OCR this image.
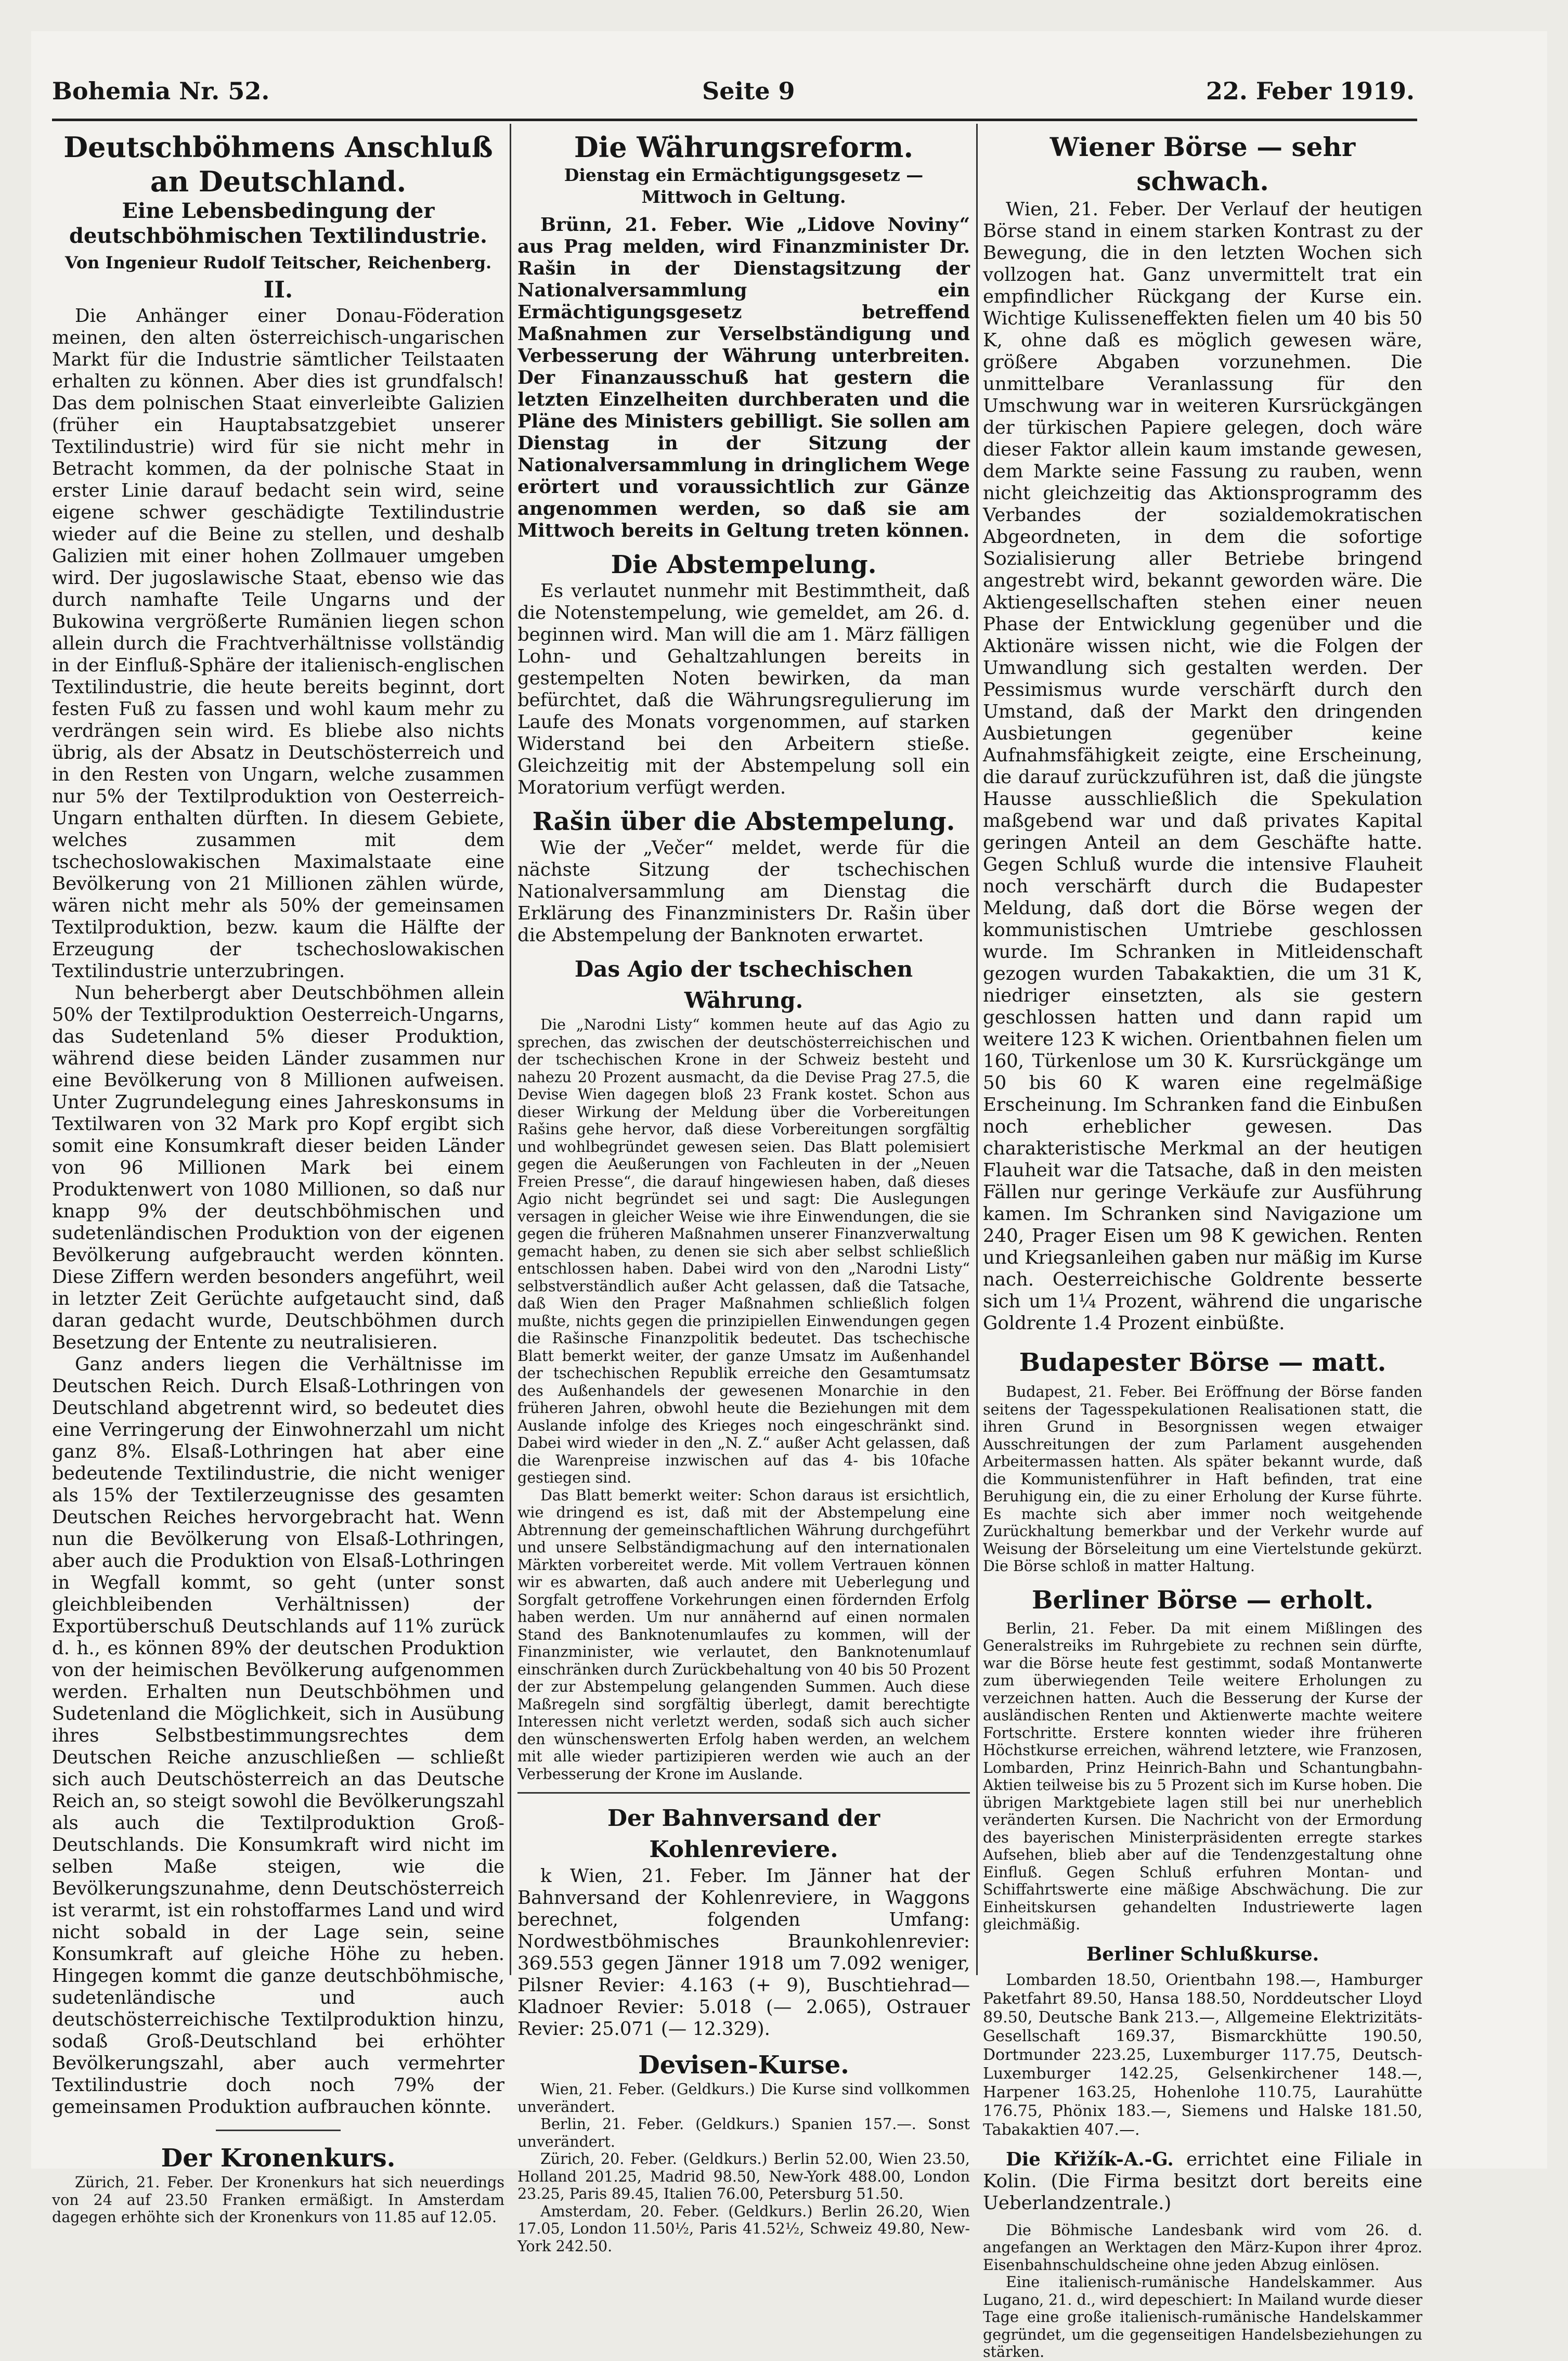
Bohemia Nr. 52.	Seite 9	22. Feber 1919.
Deutschböhmens Anschluß an Deutschland.
Eine Lebensbedingung der deutschböhmischen Textilindustrie.
Von Ingenieur Rudolf Teitscher, Reichenberg.
II.

Die Anhänger einer Donau-Föderation meinen, den alten österreichisch-ungarischen Markt für die Industrie sämtlicher Teilstaaten erhalten zu können. Aber dies ist grundfalsch! Das dem polnischen Staat einverleibte Galizien (früher ein Hauptabsatzgebiet unserer Textilindustrie) wird für sie nicht mehr in Betracht kommen, da der polnische Staat in erster Linie darauf bedacht sein wird, seine eigene schwer geschädigte Textilindustrie wieder auf die Beine zu stellen, und deshalb Galizien mit einer hohen Zollmauer umgeben wird. Der jugoslawische Staat, ebenso wie das durch namhafte Teile Ungarns und der Bukowina vergrößerte Rumänien liegen schon allein durch die Frachtverhältnisse vollständig in der Einfluß-Sphäre der italienisch-englischen Textilindustrie, die heute bereits beginnt, dort festen Fuß zu fassen und wohl kaum mehr zu verdrängen sein wird. Es bliebe also nichts übrig, als der Absatz in Deutschösterreich und in den Resten von Ungarn, welche zusammen nur 5% der Textilproduktion von Oesterreich-Ungarn enthalten dürften. In diesem Gebiete, welches zusammen mit dem tschechoslowakischen Maximalstaate eine Bevölkerung von 21 Millionen zählen würde, wären nicht mehr als 50% der gemeinsamen Textilproduktion, bezw. kaum die Hälfte der Erzeugung der tschechoslowakischen Textilindustrie unterzubringen.

Nun beherbergt aber Deutschböhmen allein 50% der Textilproduktion Oesterreich-Ungarns, das Sudetenland 5% dieser Produktion, während diese beiden Länder zusammen nur eine Bevölkerung von 8 Millionen aufweisen. Unter Zugrundelegung eines Jahreskonsums in Textilwaren von 32 Mark pro Kopf ergibt sich somit eine Konsumkraft dieser beiden Länder von 96 Millionen Mark bei einem Produktenwert von 1080 Millionen, so daß nur knapp 9% der deutschböhmischen und sudetenländischen Produktion von der eigenen Bevölkerung aufgebraucht werden könnten. Diese Ziffern werden besonders angeführt, weil in letzter Zeit Gerüchte aufgetaucht sind, daß daran gedacht wurde, Deutschböhmen durch Besetzung der Entente zu neutralisieren.

Ganz anders liegen die Verhältnisse im Deutschen Reich. Durch Elsaß-Lothringen von Deutschland abgetrennt wird, so bedeutet dies eine Verringerung der Einwohnerzahl um nicht ganz 8%. Elsaß-Lothringen hat aber eine bedeutende Textilindustrie, die nicht weniger als 15% der Textilerzeugnisse des gesamten Deutschen Reiches hervorgebracht hat. Wenn nun die Bevölkerung von Elsaß-Lothringen, aber auch die Produktion von Elsaß-Lothringen in Wegfall kommt, so geht (unter sonst gleichbleibenden Verhältnissen) der Exportüberschuß Deutschlands auf 11% zurück d. h., es können 89% der deutschen Produktion von der heimischen Bevölkerung aufgenommen werden. Erhalten nun Deutschböhmen und Sudetenland die Möglichkeit, sich in Ausübung ihres Selbstbestimmungsrechtes dem Deutschen Reiche anzuschließen — schließt sich auch Deutschösterreich an das Deutsche Reich an, so steigt sowohl die Bevölkerungszahl als auch die Textilproduktion Groß-Deutschlands. Die Konsumkraft wird nicht im selben Maße steigen, wie die Bevölkerungszunahme, denn Deutschösterreich ist verarmt, ist ein rohstoffarmes Land und wird nicht sobald in der Lage sein, seine Konsumkraft auf gleiche Höhe zu heben. Hingegen kommt die ganze deutschböhmische, sudetenländische und auch deutschösterreichische Textilproduktion hinzu, sodaß Groß-Deutschland bei erhöhter Bevölkerungszahl, aber auch vermehrter Textilindustrie doch noch 79% der gemeinsamen Produktion aufbrauchen könnte.

Der Kronenkurs.

Zürich, 21. Feber. Der Kronenkurs hat sich neuerdings von 24 auf 23.50 Franken ermäßigt. In Amsterdam dagegen erhöhte sich der Kronenkurs von 11.85 auf 12.05.

Die Währungsreform.
Dienstag ein Ermächtigungsgesetz — Mittwoch in Geltung.

Brünn, 21. Feber. Wie „Lidove Noviny“ aus Prag melden, wird Finanzminister Dr. Rašin in der Dienstagsitzung der Nationalversammlung ein Ermächtigungsgesetz betreffend Maßnahmen zur Verselbständigung und Verbesserung der Währung unterbreiten. Der Finanzausschuß hat gestern die letzten Einzelheiten durchberaten und die Pläne des Ministers gebilligt. Sie sollen am Dienstag in der Sitzung der Nationalversammlung in dringlichem Wege erörtert und voraussichtlich zur Gänze angenommen werden, so daß sie am Mittwoch bereits in Geltung treten können.

Die Abstempelung.

Es verlautet nunmehr mit Bestimmtheit, daß die Notenstempelung, wie gemeldet, am 26. d. beginnen wird. Man will die am 1. März fälligen Lohn- und Gehaltzahlungen bereits in gestempelten Noten bewirken, da man befürchtet, daß die Währungsregulierung im Laufe des Monats vorgenommen, auf starken Widerstand bei den Arbeitern stieße. Gleichzeitig mit der Abstempelung soll ein Moratorium verfügt werden.

Rašin über die Abstempelung.

Wie der „Večer“ meldet, werde für die nächste Sitzung der tschechischen Nationalversammlung am Dienstag die Erklärung des Finanzministers Dr. Rašin über die Abstempelung der Banknoten erwartet.

Das Agio der tschechischen Währung.

Die „Narodni Listy“ kommen heute auf das Agio zu sprechen, das zwischen der deutschösterreichischen und der tschechischen Krone in der Schweiz besteht und nahezu 20 Prozent ausmacht, da die Devise Prag 27.5, die Devise Wien dagegen bloß 23 Frank kostet. Schon aus dieser Wirkung der Meldung über die Vorbereitungen Rašins gehe hervor, daß diese Vorbereitungen sorgfältig und wohlbegründet gewesen seien. Das Blatt polemisiert gegen die Aeußerungen von Fachleuten in der „Neuen Freien Presse“, die darauf hingewiesen haben, daß dieses Agio nicht begründet sei und sagt: Die Auslegungen versagen in gleicher Weise wie ihre Einwendungen, die sie gegen die früheren Maßnahmen unserer Finanzverwaltung gemacht haben, zu denen sie sich aber selbst schließlich entschlossen haben. Dabei wird von den „Narodni Listy“ selbstverständlich außer Acht gelassen, daß die Tatsache, daß Wien den Prager Maßnahmen schließlich folgen mußte, nichts gegen die prinzipiellen Einwendungen gegen die Rašinsche Finanzpolitik bedeutet. Das tschechische Blatt bemerkt weiter, der ganze Umsatz im Außenhandel der tschechischen Republik erreiche den Gesamtumsatz des Außenhandels der gewesenen Monarchie in den früheren Jahren, obwohl heute die Beziehungen mit dem Auslande infolge des Krieges noch eingeschränkt sind. Dabei wird wieder in den „N. Z.“ außer Acht gelassen, daß die Warenpreise inzwischen auf das 4- bis 10fache gestiegen sind.

Das Blatt bemerkt weiter: Schon daraus ist ersichtlich, wie dringend es ist, daß mit der Abstempelung eine Abtrennung der gemeinschaftlichen Währung durchgeführt und unsere Selbständigmachung auf den internationalen Märkten vorbereitet werde. Mit vollem Vertrauen können wir es abwarten, daß auch andere mit Ueberlegung und Sorgfalt getroffene Vorkehrungen einen fördernden Erfolg haben werden. Um nur annähernd auf einen normalen Stand des Banknotenumlaufes zu kommen, will der Finanzminister, wie verlautet, den Banknotenumlauf einschränken durch Zurückbehaltung von 40 bis 50 Prozent der zur Abstempelung gelangenden Summen. Auch diese Maßregeln sind sorgfältig überlegt, damit berechtigte Interessen nicht verletzt werden, sodaß sich auch sicher den wünschenswerten Erfolg haben werden, an welchem mit alle wieder partizipieren werden wie auch an der Verbesserung der Krone im Auslande.

Der Bahnversand der Kohlenreviere.

k Wien, 21. Feber. Im Jänner hat der Bahnversand der Kohlenreviere, in Waggons berechnet, folgenden Umfang: Nordwestböhmisches Braunkohlenrevier: 369.553 gegen Jänner 1918 um 7.092 weniger, Pilsner Revier: 4.163 (+ 9), Buschtiehrad—Kladnoer Revier: 5.018 (— 2.065), Ostrauer Revier: 25.071 (— 12.329).

Devisen-Kurse.

Wien, 21. Feber. (Geldkurs.) Die Kurse sind vollkommen unverändert.

Berlin, 21. Feber. (Geldkurs.) Spanien 157.—. Sonst unverändert.

Zürich, 20. Feber. (Geldkurs.) Berlin 52.00, Wien 23.50, Holland 201.25, Madrid 98.50, New-York 488.00, London 23.25, Paris 89.45, Italien 76.00, Petersburg 51.50.

Amsterdam, 20. Feber. (Geldkurs.) Berlin 26.20, Wien 17.05, London 11.50½, Paris 41.52½, Schweiz 49.80, New-York 242.50.

Wiener Börse — sehr schwach.

Wien, 21. Feber. Der Verlauf der heutigen Börse stand in einem starken Kontrast zu der Bewegung, die in den letzten Wochen sich vollzogen hat. Ganz unvermittelt trat ein empfindlicher Rückgang der Kurse ein. Wichtige Kulisseneffekten fielen um 40 bis 50 K, ohne daß es möglich gewesen wäre, größere Abgaben vorzunehmen. Die unmittelbare Veranlassung für den Umschwung war in weiteren Kursrückgängen der türkischen Papiere gelegen, doch wäre dieser Faktor allein kaum imstande gewesen, dem Markte seine Fassung zu rauben, wenn nicht gleichzeitig das Aktionsprogramm des Verbandes der sozialdemokratischen Abgeordneten, in dem die sofortige Sozialisierung aller Betriebe bringend angestrebt wird, bekannt geworden wäre. Die Aktiengesellschaften stehen einer neuen Phase der Entwicklung gegenüber und die Aktionäre wissen nicht, wie die Folgen der Umwandlung sich gestalten werden. Der Pessimismus wurde verschärft durch den Umstand, daß der Markt den dringenden Ausbietungen gegenüber keine Aufnahmsfähigkeit zeigte, eine Erscheinung, die darauf zurückzuführen ist, daß die jüngste Hausse ausschließlich die Spekulation maßgebend war und daß privates Kapital geringen Anteil an dem Geschäfte hatte. Gegen Schluß wurde die intensive Flauheit noch verschärft durch die Budapester Meldung, daß dort die Börse wegen der kommunistischen Umtriebe geschlossen wurde. Im Schranken in Mitleidenschaft gezogen wurden Tabakaktien, die um 31 K, niedriger einsetzten, als sie gestern geschlossen hatten und dann rapid um weitere 123 K wichen. Orientbahnen fielen um 160, Türkenlose um 30 K. Kursrückgänge um 50 bis 60 K waren eine regelmäßige Erscheinung. Im Schranken fand die Einbußen noch erheblicher gewesen. Das charakteristische Merkmal an der heutigen Flauheit war die Tatsache, daß in den meisten Fällen nur geringe Verkäufe zur Ausführung kamen. Im Schranken sind Navigazione um 240, Prager Eisen um 98 K gewichen. Renten und Kriegsanleihen gaben nur mäßig im Kurse nach. Oesterreichische Goldrente besserte sich um 1¼ Prozent, während die ungarische Goldrente 1.4 Prozent einbüßte.

Budapester Börse — matt.

Budapest, 21. Feber. Bei Eröffnung der Börse fanden seitens der Tagesspekulationen Realisationen statt, die ihren Grund in Besorgnissen wegen etwaiger Ausschreitungen der zum Parlament ausgehenden Arbeitermassen hatten. Als später bekannt wurde, daß die Kommunistenführer in Haft befinden, trat eine Beruhigung ein, die zu einer Erholung der Kurse führte. Es machte sich aber immer noch weitgehende Zurückhaltung bemerkbar und der Verkehr wurde auf Weisung der Börseleitung um eine Viertelstunde gekürzt. Die Börse schloß in matter Haltung.

Berliner Börse — erholt.

Berlin, 21. Feber. Da mit einem Mißlingen des Generalstreiks im Ruhrgebiete zu rechnen sein dürfte, war die Börse heute fest gestimmt, sodaß Montanwerte zum überwiegenden Teile weitere Erholungen zu verzeichnen hatten. Auch die Besserung der Kurse der ausländischen Renten und Aktienwerte machte weitere Fortschritte. Erstere konnten wieder ihre früheren Höchstkurse erreichen, während letztere, wie Franzosen, Lombarden, Prinz Heinrich-Bahn und Schantungbahn-Aktien teilweise bis zu 5 Prozent sich im Kurse hoben. Die übrigen Marktgebiete lagen still bei nur unerheblich veränderten Kursen. Die Nachricht von der Ermordung des bayerischen Ministerpräsidenten erregte starkes Aufsehen, blieb aber auf die Tendenzgestaltung ohne Einfluß. Gegen Schluß erfuhren Montan- und Schiffahrtswerte eine mäßige Abschwächung. Die zur Einheitskursen gehandelten Industriewerte lagen gleichmäßig.

Berliner Schlußkurse.

Lombarden 18.50, Orientbahn 198.—, Hamburger Paketfahrt 89.50, Hansa 188.50, Norddeutscher Lloyd 89.50, Deutsche Bank 213.—, Allgemeine Elektrizitäts-Gesellschaft 169.37, Bismarckhütte 190.50, Dortmunder 223.25, Luxemburger 117.75, Deutsch-Luxemburger 142.25, Gelsenkirchener 148.—, Harpener 163.25, Hohenlohe 110.75, Laurahütte 176.75, Phönix 183.—, Siemens und Halske 181.50, Tabakaktien 407.—.

Die Křižík-A.-G. errichtet eine Filiale in Kolin. (Die Firma besitzt dort bereits eine Ueberlandzentrale.)

Die Böhmische Landesbank wird vom 26. d. angefangen an Werktagen den März-Kupon ihrer 4proz. Eisenbahnschuldscheine ohne jeden Abzug einlösen.

Eine italienisch-rumänische Handelskammer. Aus Lugano, 21. d., wird depeschiert: In Mailand wurde dieser Tage eine große italienisch-rumänische Handelskammer gegründet, um die gegenseitigen Handelsbeziehungen zu stärken.
